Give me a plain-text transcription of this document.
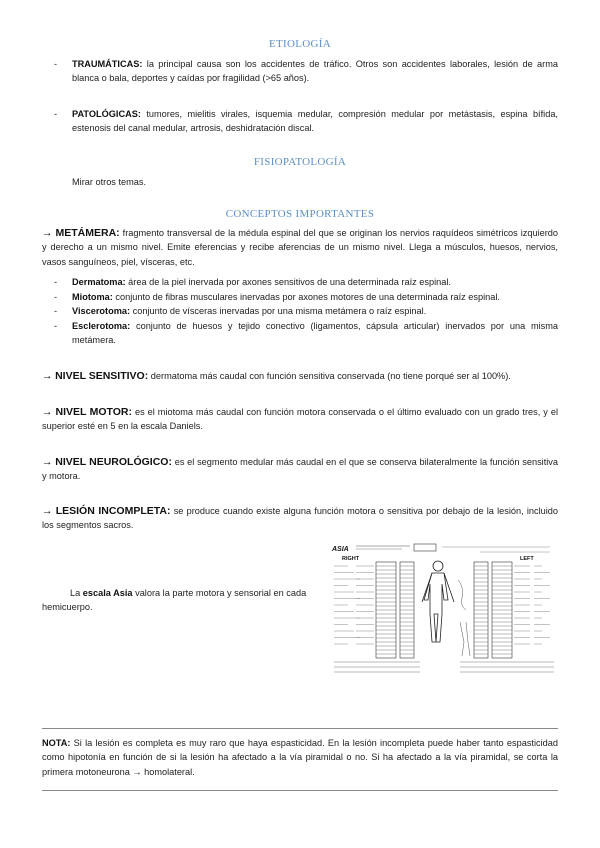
ETIOLOGÍA
-	TRAUMÁTICAS: la principal causa son los accidentes de tráfico. Otros son accidentes laborales, lesión de arma blanca o bala, deportes y caídas por fragilidad (>65 años).
-	PATOLÓGICAS: tumores, mielitis virales, isquemia medular, compresión medular por metástasis, espina bífida, estenosis del canal medular, artrosis, deshidratación discal.
FISIOPATOLOGÍA
Mirar otros temas.
CONCEPTOS IMPORTANTES
→ METÁMERA: fragmento transversal de la médula espinal del que se originan los nervios raquídeos simétricos izquierdo y derecho a un mismo nivel. Emite eferencias y recibe aferencias de un mismo nivel. Llega a músculos, huesos, nervios, vasos sanguíneos, piel, vísceras, etc.
-	Dermatoma: área de la piel inervada por axones sensitivos de una determinada raíz espinal.
-	Miotoma: conjunto de fibras musculares inervadas por axones motores de una determinada raíz espinal.
-	Viscerotoma: conjunto de vísceras inervadas por una misma metámera o raíz espinal.
-	Esclerotoma: conjunto de huesos y tejido conectivo (ligamentos, cápsula articular) inervados por una misma metámera.
→ NIVEL SENSITIVO: dermatoma más caudal con función sensitiva conservada (no tiene porqué ser al 100%).
→ NIVEL MOTOR: es el miotoma más caudal con función motora conservada o el último evaluado con un grado tres, y el superior esté en 5 en la escala Daniels.
→ NIVEL NEUROLÓGICO: es el segmento medular más caudal en el que se conserva bilateralmente la función sensitiva y motora.
→ LESIÓN INCOMPLETA: se produce cuando existe alguna función motora o sensitiva por debajo de la lesión, incluido los segmentos sacros.
La escala Asia valora la parte motora y sensorial en cada hemicuerpo.
ASIA
RIGHT	LEFT
NOTA: Si la lesión es completa es muy raro que haya espasticidad. En la lesión incompleta puede haber tanto espasticidad como hipotonía en función de si la lesión ha afectado a la vía piramidal o no. Si ha afectado a la vía piramidal, se corta la primera motoneurona → homolateral.
